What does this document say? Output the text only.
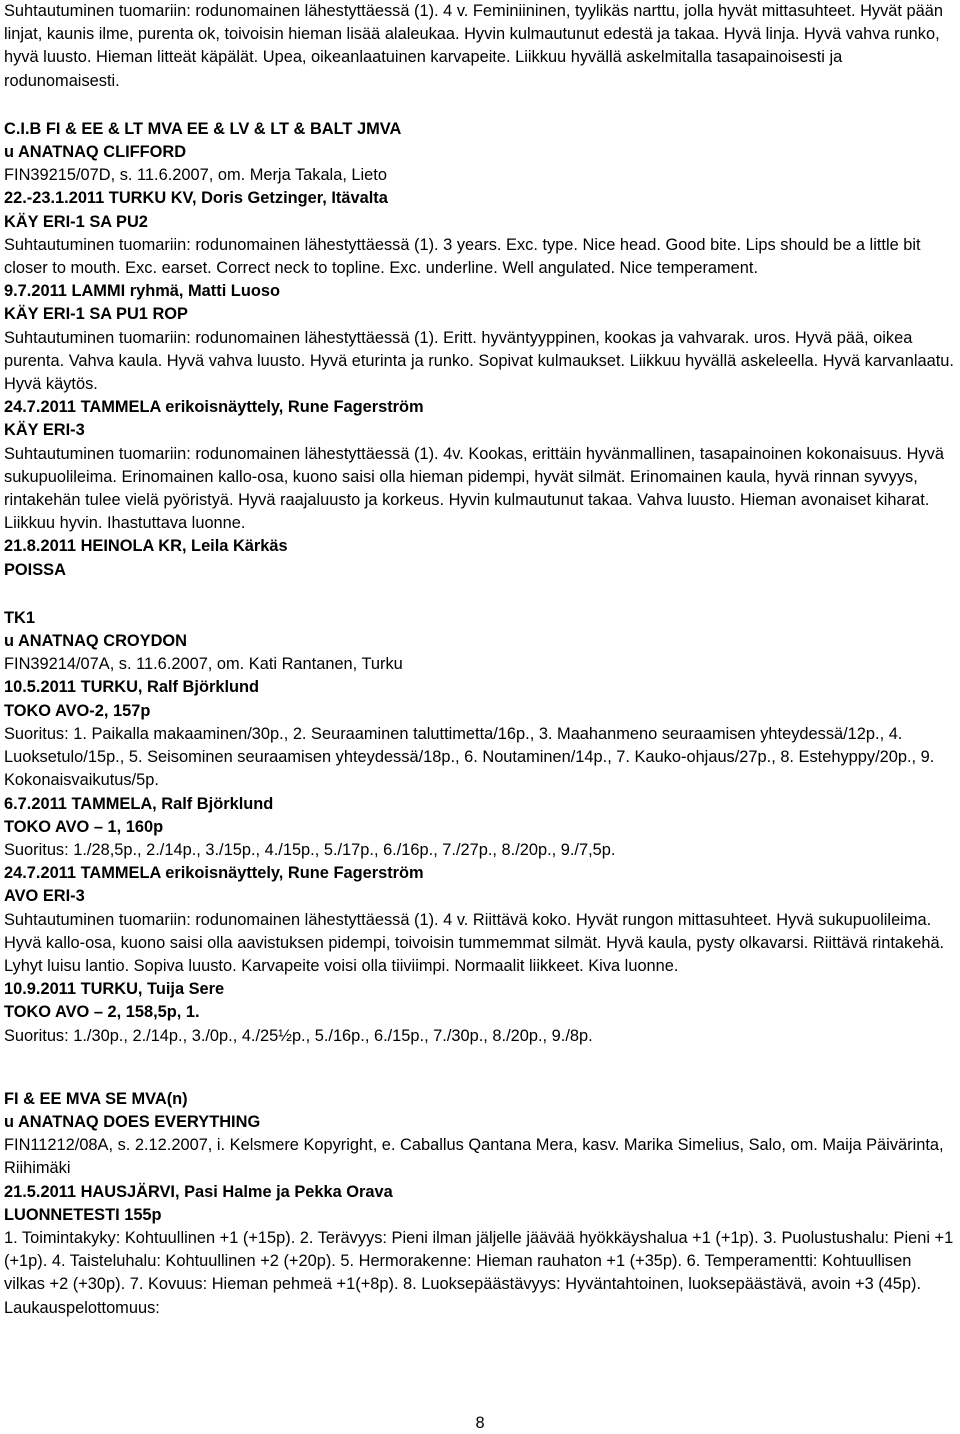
Suhtautuminen tuomariin: rodunomainen lähestyttäessä (1). 4 v. Feminiininen, tyylikäs narttu, jolla hyvät mittasuhteet. Hyvät pään linjat, kaunis ilme, purenta ok, toivoisin hieman lisää alaleukaa. Hyvin kulmautunut edestä ja takaa. Hyvä linja. Hyvä vahva runko, hyvä luusto. Hieman litteät käpälät. Upea, oikeanlaatuinen karvapeite. Liikkuu hyvällä askelmitalla tasapainoisesti ja rodunomaisesti.
C.I.B FI & EE & LT MVA EE & LV & LT & BALT JMVA
u ANATNAQ CLIFFORD
FIN39215/07D, s. 11.6.2007, om. Merja Takala, Lieto
22.-23.1.2011 TURKU KV, Doris Getzinger, Itävalta
KÄY ERI-1 SA PU2
Suhtautuminen tuomariin: rodunomainen lähestyttäessä (1). 3 years. Exc. type. Nice head. Good bite. Lips should be a little bit closer to mouth. Exc. earset. Correct neck to topline. Exc. underline. Well angulated. Nice temperament.
9.7.2011 LAMMI ryhmä, Matti Luoso
KÄY ERI-1 SA PU1 ROP
Suhtautuminen tuomariin: rodunomainen lähestyttäessä (1). Eritt. hyväntyyppinen, kookas ja vahvarak. uros. Hyvä pää, oikea purenta. Vahva kaula. Hyvä vahva luusto. Hyvä eturinta ja runko. Sopivat kulmaukset. Liikkuu hyvällä askeleella. Hyvä karvanlaatu. Hyvä käytös.
24.7.2011 TAMMELA erikoisnäyttely, Rune Fagerström
KÄY ERI-3
Suhtautuminen tuomariin: rodunomainen lähestyttäessä (1). 4v. Kookas, erittäin hyvänmallinen, tasapainoinen kokonaisuus. Hyvä sukupuolileima. Erinomainen kallo-osa, kuono saisi olla hieman pidempi, hyvät silmät. Erinomainen kaula, hyvä rinnan syvyys, rintakehän tulee vielä pyöristyä. Hyvä raajaluusto ja korkeus. Hyvin kulmautunut takaa. Vahva luusto. Hieman avonaiset kiharat. Liikkuu hyvin. Ihastuttava luonne.
21.8.2011 HEINOLA KR, Leila Kärkäs
POISSA
TK1
u ANATNAQ CROYDON
FIN39214/07A, s. 11.6.2007, om. Kati Rantanen, Turku
10.5.2011 TURKU, Ralf Björklund
TOKO AVO-2, 157p
Suoritus: 1. Paikalla makaaminen/30p., 2. Seuraaminen taluttimetta/16p., 3. Maahanmeno seuraamisen yhteydessä/12p., 4. Luoksetulo/15p., 5. Seisominen seuraamisen yhteydessä/18p., 6. Noutaminen/14p., 7. Kauko-ohjaus/27p., 8. Estehyppy/20p., 9. Kokonaisvaikutus/5p.
6.7.2011 TAMMELA, Ralf Björklund
TOKO AVO – 1, 160p
Suoritus: 1./28,5p., 2./14p., 3./15p., 4./15p., 5./17p., 6./16p., 7./27p., 8./20p., 9./7,5p.
24.7.2011 TAMMELA erikoisnäyttely, Rune Fagerström
AVO ERI-3
Suhtautuminen tuomariin: rodunomainen lähestyttäessä (1). 4 v. Riittävä koko. Hyvät rungon mittasuhteet. Hyvä sukupuolileima. Hyvä kallo-osa, kuono saisi olla aavistuksen pidempi, toivoisin tummemmat silmät. Hyvä kaula, pysty olkavarsi. Riittävä rintakehä. Lyhyt luisu lantio. Sopiva luusto. Karvapeite voisi olla tiiviimpi. Normaalit liikkeet. Kiva luonne.
10.9.2011 TURKU, Tuija Sere
TOKO AVO – 2, 158,5p, 1.
Suoritus: 1./30p., 2./14p., 3./0p., 4./25½p., 5./16p., 6./15p., 7./30p., 8./20p., 9./8p.
FI & EE MVA SE MVA(n)
u ANATNAQ DOES EVERYTHING
FIN11212/08A, s. 2.12.2007, i. Kelsmere Kopyright, e. Caballus Qantana Mera, kasv. Marika Simelius, Salo, om. Maija Päivärinta, Riihimäki
21.5.2011 HAUSJÄRVI, Pasi Halme ja Pekka Orava
LUONNETESTI 155p
1. Toimintakyky: Kohtuullinen +1 (+15p). 2. Terävyys: Pieni ilman jäljelle jäävää hyökkäyshalua +1 (+1p). 3. Puolustushalu: Pieni +1 (+1p). 4. Taisteluhalu: Kohtuullinen +2 (+20p). 5. Hermorakenne: Hieman rauhaton +1 (+35p). 6. Temperamentti: Kohtuullisen vilkas +2 (+30p). 7. Kovuus: Hieman pehmeä +1(+8p). 8. Luoksepäästävyys: Hyväntahtoinen, luoksepäästävä, avoin +3 (45p). Laukauspelottomuus:
8
